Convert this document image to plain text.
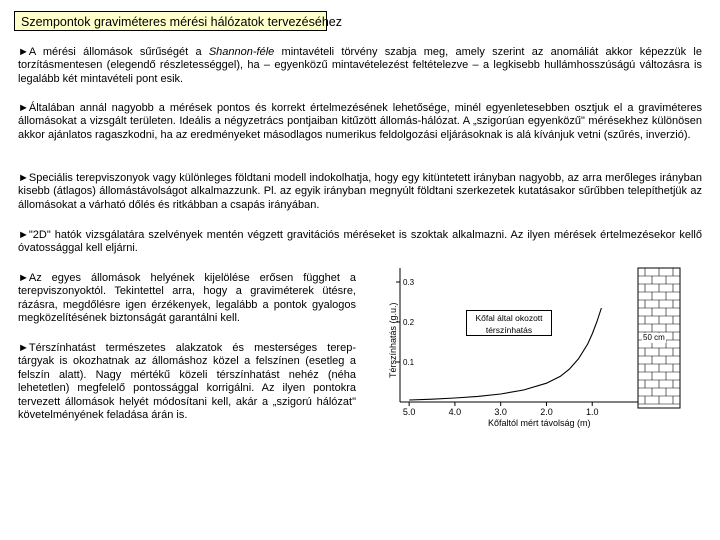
Szempontok graviméteres mérési hálózatok tervezéséhez
►A mérési állomások sűrűségét a Shannon-féle mintavételi törvény szabja meg, amely szerint az anomáliát akkor képezzük le torzításmentesen (elegendő részletességgel), ha – egyenközű mintavételezést feltételezve – a legkisebb hullámhosszúságú változásra is legalább két mintavételi pont esik.
►Általában annál nagyobb a mérések pontos és korrekt értelmezésének lehetősége, minél egyenletesebben osztjuk el a graviméteres állomásokat a vizsgált területen. Ideális a négyzetrács pontjaiban kitűzött állomás-hálózat. A „szigorúan egyenközű" mérésekhez különösen akkor ajánlatos ragaszkodni, ha az eredményeket másodlagos numerikus feldolgozási eljárásoknak is alá kívánjuk vetni (szűrés, inverzió).
►Speciális terepviszonyok vagy különleges földtani modell indokolhatja, hogy egy kitüntetett irányban nagyobb, az arra merőleges irányban kisebb (átlagos) állomástávolságot alkalmazzunk. Pl. az egyik irányban megnyúlt földtani szerkezetek kutatásakor sűrűbben telepíthetjük az állomásokat a várható dőlés és ritkábban a csapás irányában.
►"2D" hatók vizsgálatára szelvények mentén végzett gravitációs méréseket is szoktak alkalmazni. Az ilyen mérések értelmezésekor kellő óvatossággal kell eljárni.
►Az egyes állomások helyének kijelölése erősen függhet a terepviszonyoktól. Tekintettel arra, hogy a graviméterek ütésre, rázásra, megdőlésre igen érzékenyek, legalább a pontok gyalogos megközelítésének biztonságát garantálni kell.
►Térszínhatást természetes alakzatok és mesterséges terep-tárgyak is okozhatnak az állomáshoz közel a felszínen (esetleg a felszín alatt). Nagy mértékű közeli térszínhatást nehéz (néha lehetetlen) megfelelő pontossággal korrigálni. Az ilyen pontokra tervezett állomások helyét módosítani kell, akár a „szigorú hálózat" követelményének feladása árán is.	5.0	4.0	3.0	2.0	1.0
0.3
0.2
0.1
Térszínhatás (g.u.)
Kőfaltól mért távolság (m)
Kőfal által okozott térszínhatás
50 cm
